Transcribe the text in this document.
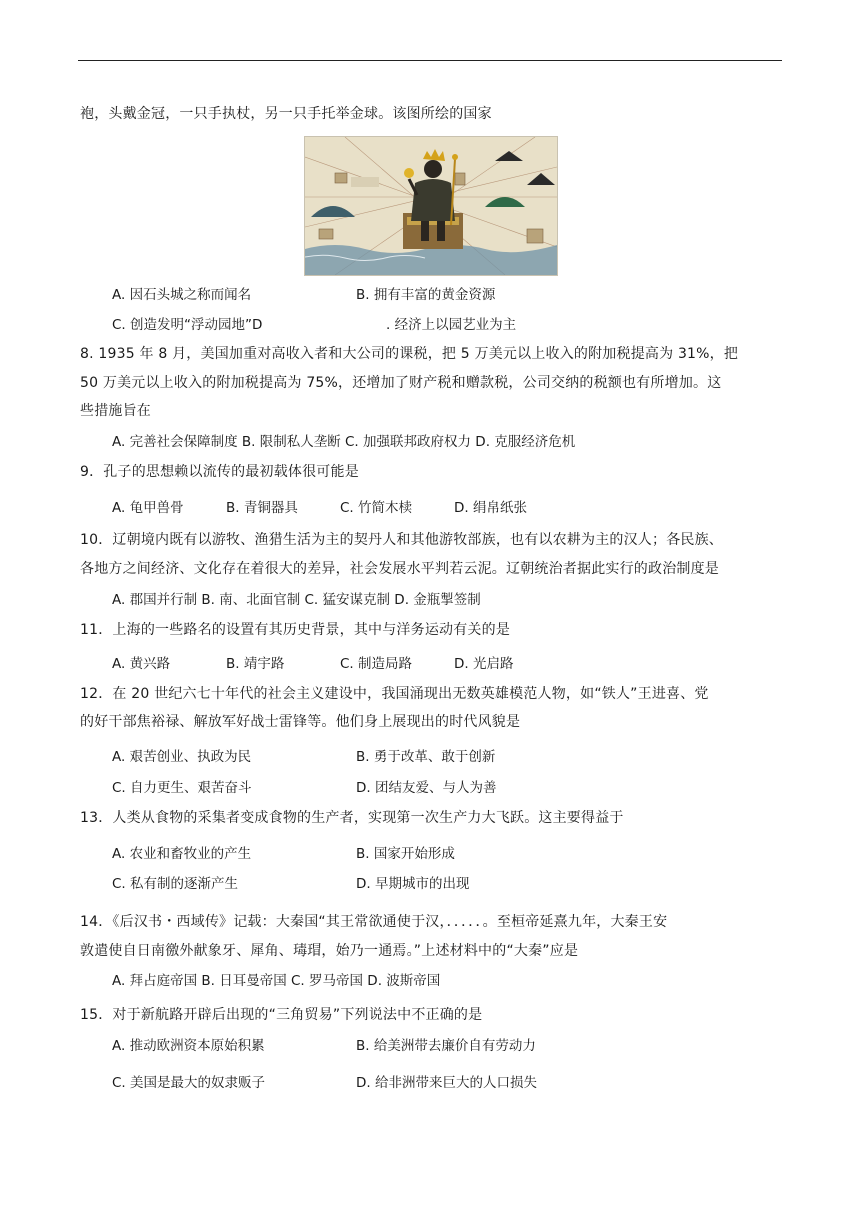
袍，头戴金冠，一只手执杖，另一只手托举金球。该图所绘的国家
A. 因石头城之称而闻名	B. 拥有丰富的黄金资源
C. 创造发明“浮动园地”D	. 经济上以园艺业为主
8. 1935 年 8 月，美国加重对高收入者和大公司的课税，把 5 万美元以上收入的附加税提高为 31%，把
50 万美元以上收入的附加税提高为 75%，还增加了财产税和赠款税，公司交纳的税额也有所增加。这
些措施旨在
A. 完善社会保障制度 B. 限制私人垄断 C. 加强联邦政府权力 D. 克服经济危机
9．孔子的思想赖以流传的最初载体很可能是
A. 龟甲兽骨	B. 青铜器具	C. 竹简木椟	D. 绢帛纸张
10．辽朝境内既有以游牧、渔猎生活为主的契丹人和其他游牧部族，也有以农耕为主的汉人；各民族、
各地方之间经济、文化存在着很大的差异，社会发展水平判若云泥。辽朝统治者据此实行的政治制度是
A. 郡国并行制 B. 南、北面官制 C. 猛安谋克制 D. 金瓶掣签制
11．上海的一些路名的设置有其历史背景，其中与洋务运动有关的是
A. 黄兴路	B. 靖宇路	C. 制造局路	D. 光启路
12．在 20 世纪六七十年代的社会主义建设中，我国涌现出无数英雄模范人物，如“铁人”王进喜、党
的好干部焦裕禄、解放军好战士雷锋等。他们身上展现出的时代风貌是
A. 艰苦创业、执政为民	B. 勇于改革、敢于创新
C. 自力更生、艰苦奋斗	D. 团结友爱、与人为善
13．人类从食物的采集者变成食物的生产者，实现第一次生产力大飞跃。这主要得益于
A. 农业和畜牧业的产生	B. 国家开始形成
C. 私有制的逐渐产生	D. 早期城市的出现
14．《后汉书・西域传》记载：大秦国“其王常欲通使于汉，．．．．．。至桓帝延熹九年，大秦王安
敦遣使自日南徼外献象牙、犀角、瑇瑁，始乃一通焉。”上述材料中的“大秦”应是
A. 拜占庭帝国 B. 日耳曼帝国 C. 罗马帝国 D. 波斯帝国
15．对于新航路开辟后出现的“三角贸易”下列说法中不正确的是
A. 推动欧洲资本原始积累	B. 给美洲带去廉价自有劳动力
C. 美国是最大的奴隶贩子	D. 给非洲带来巨大的人口损失
